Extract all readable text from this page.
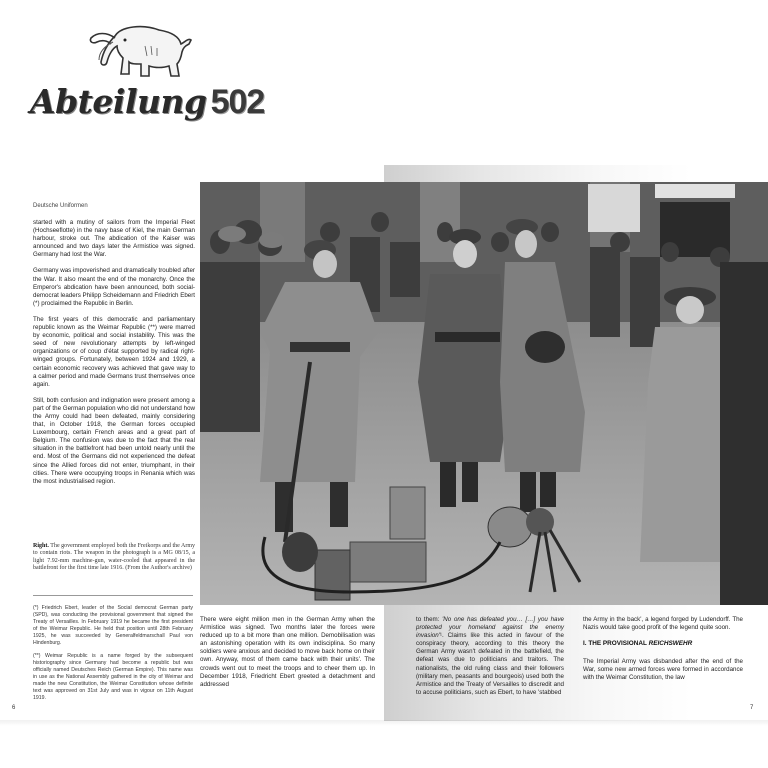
Abteilung 502
Deutsche Uniformen

started with a mutiny of sailors from the Imperial Fleet (Hochseeflotte) in the navy base of Kiel, the main German harbour, stroke out. The abdication of the Kaiser was announced and two days later the Armistice was signed. Germany had lost the War.

Germany was impoverished and dramatically troubled after the War. It also meant the end of the monarchy. Once the Emperor's abdication have been announced, both social-democrat leaders Philipp Scheidemann and Friedrich Ebert (*) proclaimed the Republic in Berlin.

The first years of this democratic and parliamentary republic known as the Weimar Republic (**) were marred by economic, political and social instability. This was the seed of new revolutionary attempts by left-winged organizations or of coup d'état supported by radical right-winged groups. Fortunately, between 1924 and 1929, a certain economic recovery was achieved that gave way to a calmer period and made Germans trust themselves once again.

Still, both confusion and indignation were present among a part of the German population who did not understand how the Army could had been defeated, mainly considering that, in October 1918, the German forces occupied Luxembourg, certain French areas and a great part of Belgium. The confusion was due to the fact that the real situation in the battlefront had been untold nearly until the end. Most of the Germans did not experienced the defeat since the Allied forces did not enter, triumphant, in their cities. There were occupying troops in Renania which was the most industrialised region.

Right. The government employed both the Freikorps and the Army to contain riots. The weapon in the photograph is a MG 08/15, a light 7.92-mm machine-gun, water-cooled that appeared in the battlefront for the first time late 1916. (From the Author's archive)

(*) Friedrich Ebert, leader of the Social democrat German party (SPD), was conducting the provisional government that signed the Treaty of Versailles. In February 1919 he became the first president of the Weimar Republic. He held that position until 28th February 1925, he was succeeded by Generalfeldmarschall Paul von Hindenburg.

(**) Weimar Republic is a name forged by the subsequent historiography since Germany had become a republic but was officially named Deutsches Reich (German Empire). This name was in use as the National Assembly gathered in the city of Weimar and made the new Constitution, the Weimar Constitution whose definite text was approved on 31st July and was in vigour on 11th August 1919.

There were eight million men in the German Army when the Armistice was signed. Two months later the forces were reduced up to a bit more than one million. Demobilisation was an astonishing operation with its own indisciplina. So many soldiers were anxious and decided to move back home on their own. Anyway, most of them came back with their units'. The crowds went out to meet the troops and to cheer them up. In December 1918, Friedricht Ebert greeted a detachment and addressed

to them: 'No one has defeated you… […] you have protected your homeland against the enemy invasion'¹. Claims like this acted in favour of the conspiracy theory, according to this theory the German Army wasn't defeated in the battlefield, the defeat was due to politicians and traitors. The nationalists, the old ruling class and their followers (military men, peasants and bourgeois) used both the Armistice and the Treaty of Versailles to discredit and to accuse politicians, such as Ebert, to have 'stabbed

the Army in the back', a legend forged by Ludendorff. The Nazis would take good profit of the legend quite soon.

I. THE PROVISIONAL REICHSWEHR

The Imperial Army was disbanded after the end of the War, some new armed forces were formed in accordance with the Weimar Constitution, the law

6	7
